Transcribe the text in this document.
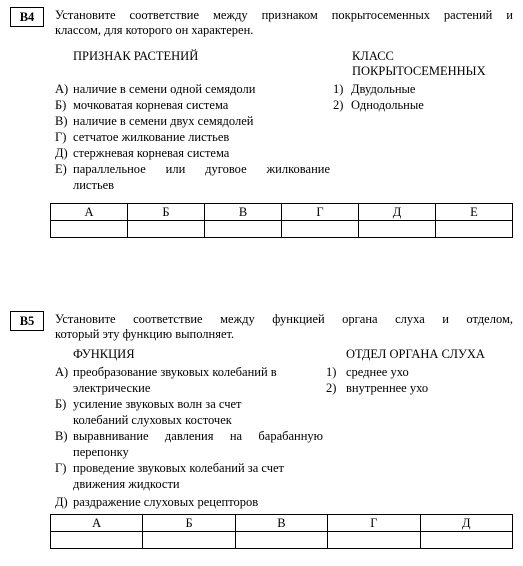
В4	Установите соответствие между признаком покрытосеменных растений и
классом, для которого он характерен.
ПРИЗНАК РАСТЕНИЙ	КЛАСС
ПОКРЫТОСЕМЕННЫХ
А) наличие в семени одной семядоли
Б) мочковатая корневая система
В) наличие в семени двух семядолей
Г) сетчатое жилкование листьев
Д) стержневая корневая система
Е) параллельное или дуговое жилкование
листьев
1) Двудольные
2) Однодольные
А	Б	В	Г	Д	Е

В5	Установите соответствие между функцией органа слуха и отделом,
который эту функцию выполняет.
ФУНКЦИЯ	ОТДЕЛ ОРГАНА СЛУХА
А) преобразование звуковых колебаний в
электрические
Б) усиление звуковых волн за счет
колебаний слуховых косточек
В) выравнивание давления на барабанную
перепонку
Г) проведение звуковых колебаний за счет
движения жидкости
Д) раздражение слуховых рецепторов
1) среднее ухо
2) внутреннее ухо
А	Б	В	Г	Д
